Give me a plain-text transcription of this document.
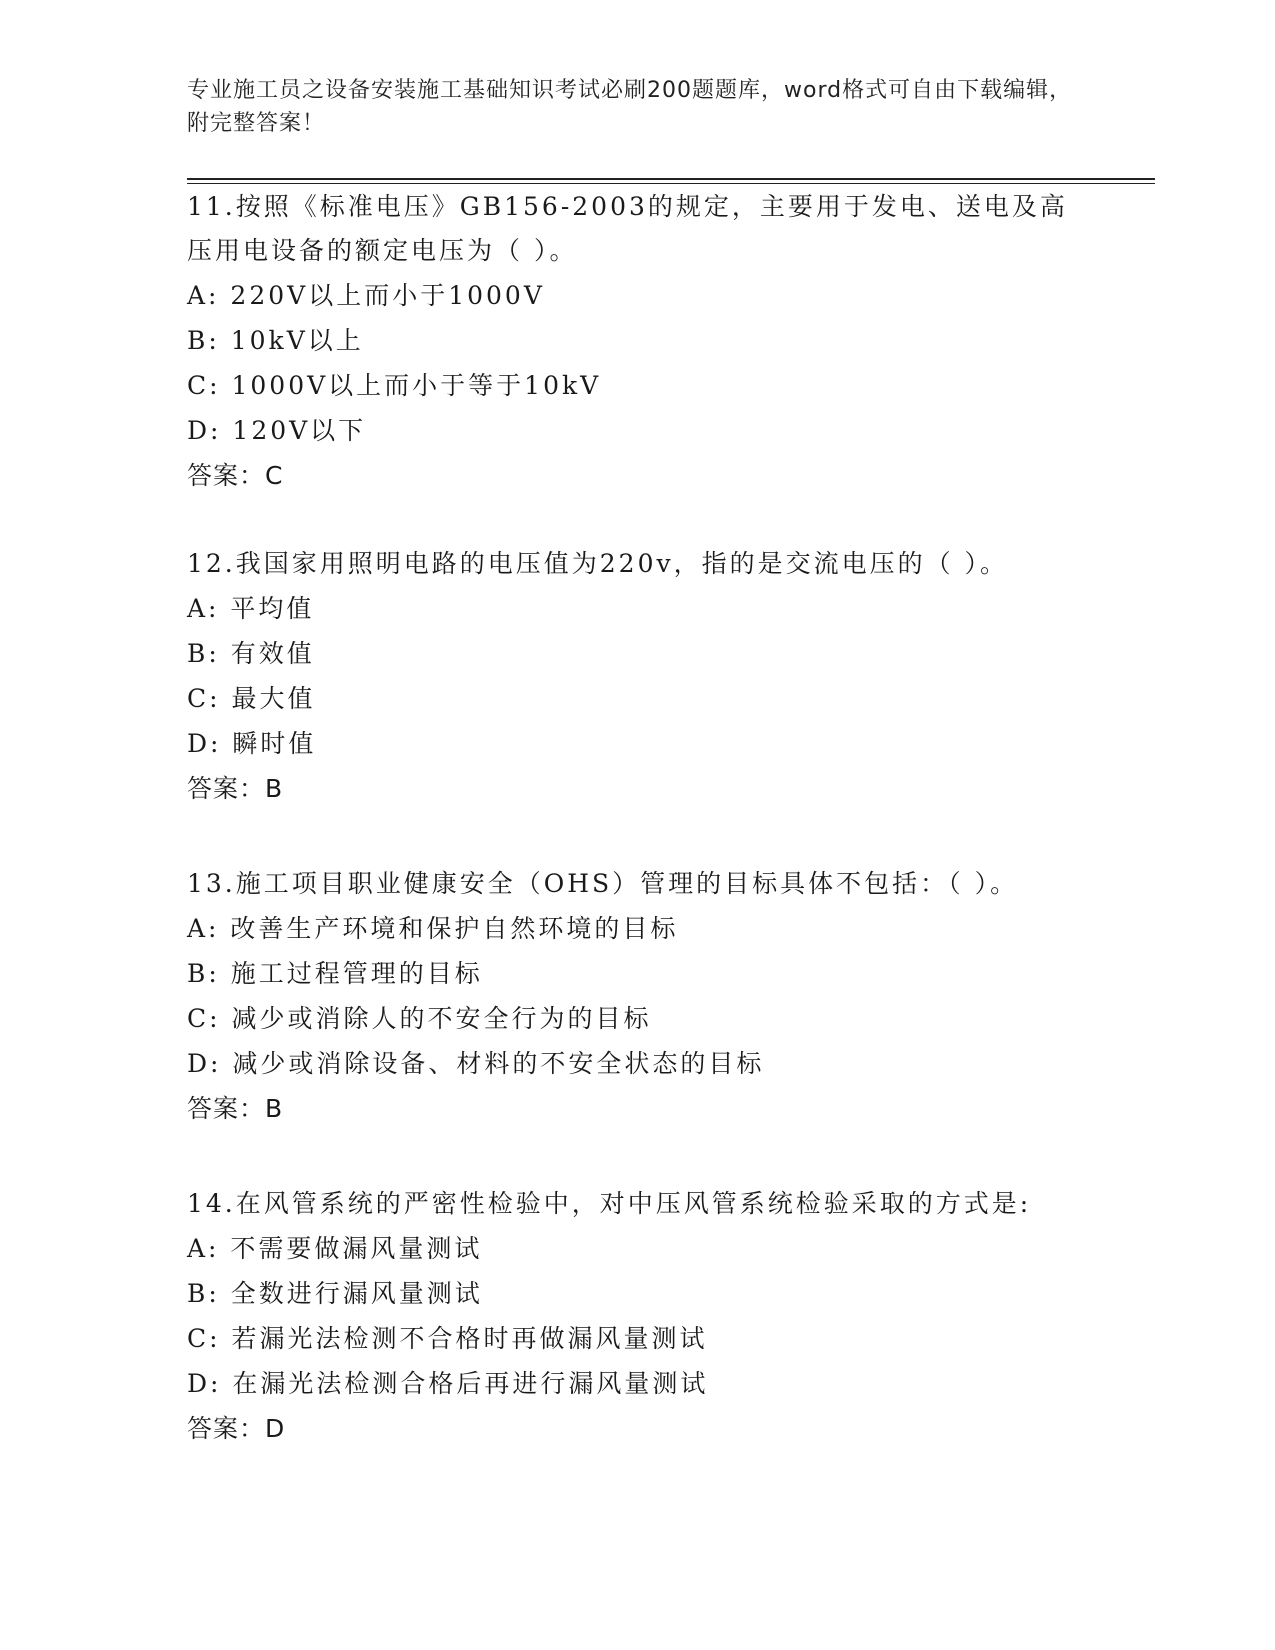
专业施工员之设备安装施工基础知识考试必刷200题题库，word格式可自由下载编辑，附完整答案！

11.按照《标准电压》GB156-2003的规定，主要用于发电、送电及高压用电设备的额定电压为（ ）。

A: 220V以上而小于1000V

B: 10kV以上

C: 1000V以上而小于等于10kV

D: 120V以下

答案：C

12.我国家用照明电路的电压值为220v，指的是交流电压的（ ）。

A: 平均值

B: 有效值

C: 最大值

D: 瞬时值

答案：B

13.施工项目职业健康安全（OHS）管理的目标具体不包括：（ ）。

A: 改善生产环境和保护自然环境的目标

B: 施工过程管理的目标

C: 减少或消除人的不安全行为的目标

D: 减少或消除设备、材料的不安全状态的目标

答案：B

14.在风管系统的严密性检验中，对中压风管系统检验采取的方式是:

A: 不需要做漏风量测试

B: 全数进行漏风量测试

C: 若漏光法检测不合格时再做漏风量测试

D: 在漏光法检测合格后再进行漏风量测试

答案：D
